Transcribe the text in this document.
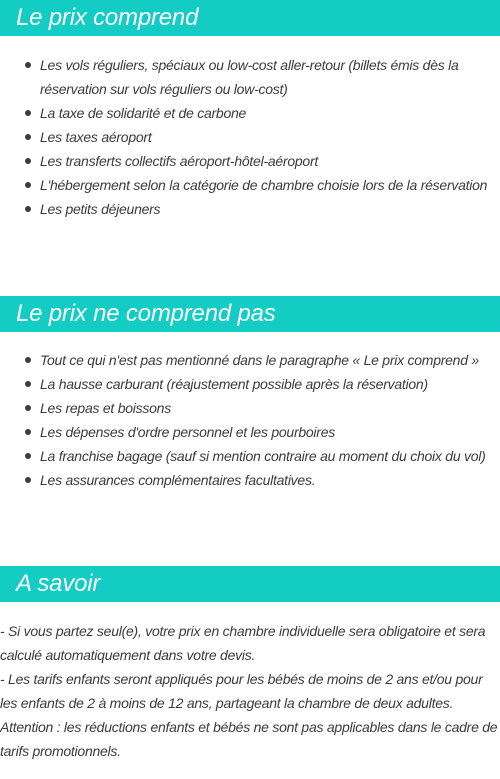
Le prix comprend
Les vols réguliers, spéciaux ou low-cost aller-retour (billets émis dès la réservation sur vols réguliers ou low-cost)
La taxe de solidarité et de carbone
Les taxes aéroport
Les transferts collectifs aéroport-hôtel-aéroport
L'hébergement selon la catégorie de chambre choisie lors de la réservation
Les petits déjeuners
Le prix ne comprend pas
Tout ce qui n'est pas mentionné dans le paragraphe « Le prix comprend »
La hausse carburant (réajustement possible après la réservation)
Les repas et boissons
Les dépenses d'ordre personnel et les pourboires
La franchise bagage (sauf si mention contraire au moment du choix du vol)
Les assurances complémentaires facultatives.
A savoir

- Si vous partez seul(e), votre prix en chambre individuelle sera obligatoire et sera calculé automatiquement dans votre devis.

- Les tarifs enfants seront appliqués pour les bébés de moins de 2 ans et/ou pour les enfants de 2 à moins de 12 ans, partageant la chambre de deux adultes.

Attention : les réductions enfants et bébés ne sont pas applicables dans le cadre de tarifs promotionnels.
